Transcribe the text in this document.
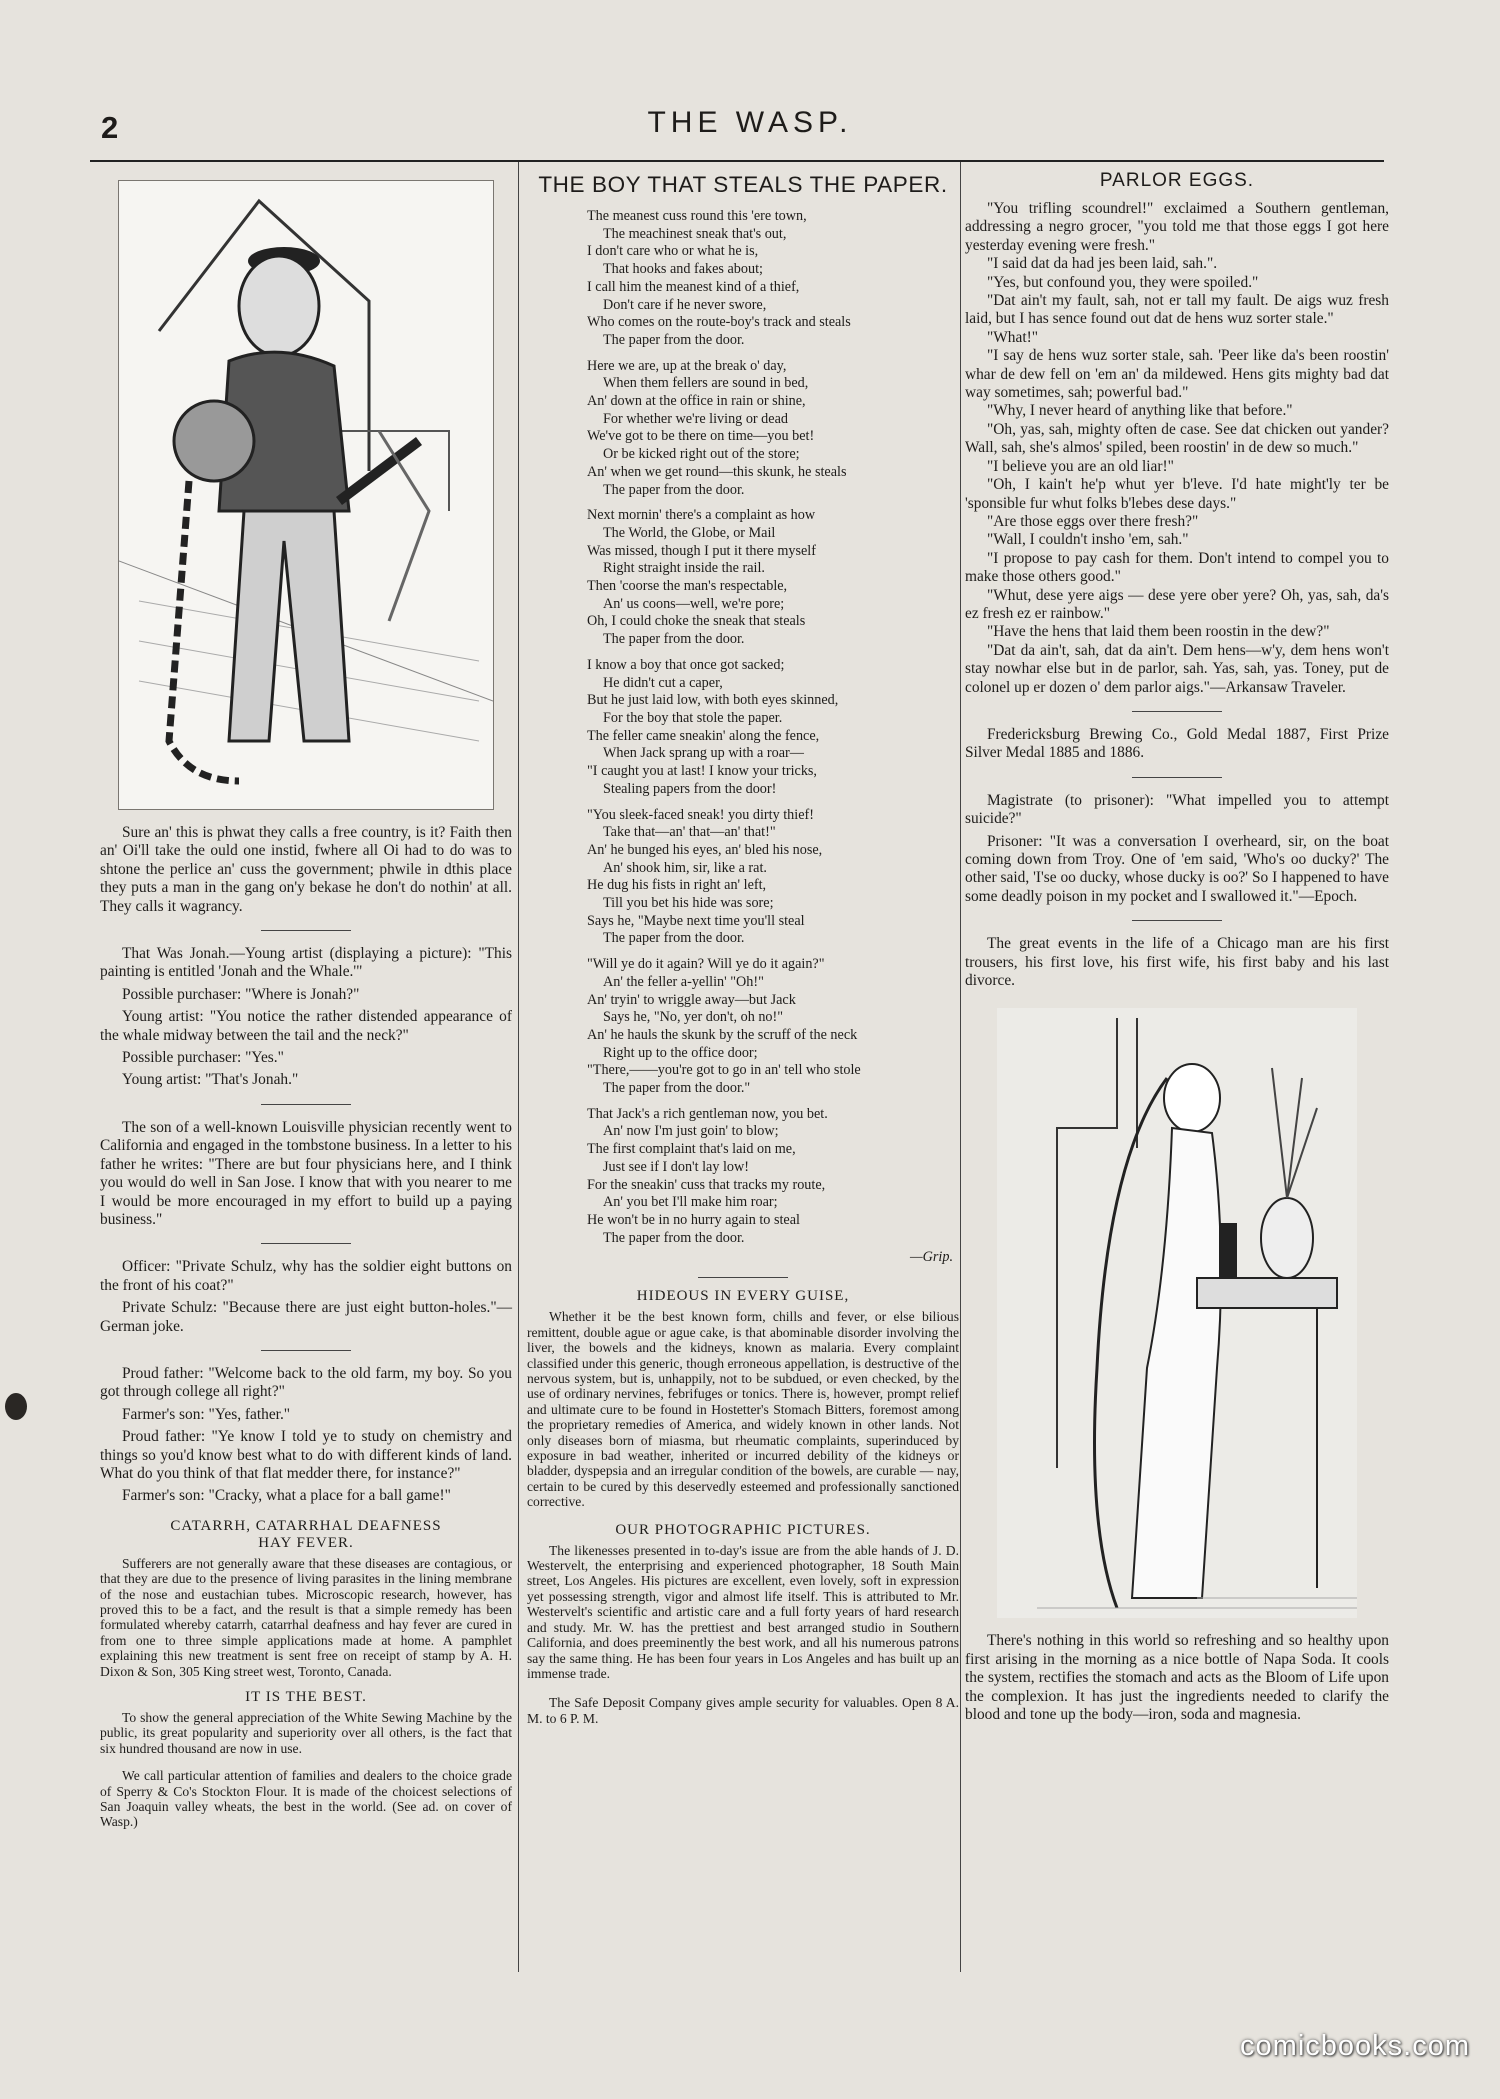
2	THE WASP.

Sure an' this is phwat they calls a free country, is it? Faith then an' Oi'll take the ould one instid, fwhere all Oi had to do was to shtone the perlice an' cuss the government; phwile in dthis place they puts a man in the gang on'y bekase he don't do nothin' at all. They calls it wagrancy.

That Was Jonah.—Young artist (displaying a picture): "This painting is entitled 'Jonah and the Whale.'"

Possible purchaser: "Where is Jonah?"

Young artist: "You notice the rather distended appearance of the whale midway between the tail and the neck?"

Possible purchaser: "Yes."

Young artist: "That's Jonah."

The son of a well-known Louisville physician recently went to California and engaged in the tombstone business. In a letter to his father he writes: "There are but four physicians here, and I think you would do well in San Jose. I know that with you nearer to me I would be more encouraged in my effort to build up a paying business."

Officer: "Private Schulz, why has the soldier eight buttons on the front of his coat?"

Private Schulz: "Because there are just eight button-holes."—German joke.

Proud father: "Welcome back to the old farm, my boy. So you got through college all right?"

Farmer's son: "Yes, father."

Proud father: "Ye know I told ye to study on chemistry and things so you'd know best what to do with different kinds of land. What do you think of that flat medder there, for instance?"

Farmer's son: "Cracky, what a place for a ball game!"

CATARRH, CATARRHAL DEAFNESS HAY FEVER.

Sufferers are not generally aware that these diseases are contagious, or that they are due to the presence of living parasites in the lining membrane of the nose and eustachian tubes. Microscopic research, however, has proved this to be a fact, and the result is that a simple remedy has been formulated whereby catarrh, catarrhal deafness and hay fever are cured in from one to three simple applications made at home. A pamphlet explaining this new treatment is sent free on receipt of stamp by A. H. Dixon & Son, 305 King street west, Toronto, Canada.

IT IS THE BEST.

To show the general appreciation of the White Sewing Machine by the public, its great popularity and superiority over all others, is the fact that six hundred thousand are now in use.

We call particular attention of families and dealers to the choice grade of Sperry & Co's Stockton Flour. It is made of the choicest selections of San Joaquin valley wheats, the best in the world. (See ad. on cover of Wasp.)

THE BOY THAT STEALS THE PAPER.
The meanest cuss round this 'ere town,
The meachinest sneak that's out,
I don't care who or what he is,
That hooks and fakes about;
I call him the meanest kind of a thief,
Don't care if he never swore,
Who comes on the route-boy's track and steals
The paper from the door.
Here we are, up at the break o' day,
When them fellers are sound in bed,
An' down at the office in rain or shine,
For whether we're living or dead
We've got to be there on time—you bet!
Or be kicked right out of the store;
An' when we get round—this skunk, he steals
The paper from the door.
Next mornin' there's a complaint as how
The World, the Globe, or Mail
Was missed, though I put it there myself
Right straight inside the rail.
Then 'coorse the man's respectable,
An' us coons—well, we're pore;
Oh, I could choke the sneak that steals
The paper from the door.
I know a boy that once got sacked;
He didn't cut a caper,
But he just laid low, with both eyes skinned,
For the boy that stole the paper.
The feller came sneakin' along the fence,
When Jack sprang up with a roar—
"I caught you at last! I know your tricks,
Stealing papers from the door!
"You sleek-faced sneak! you dirty thief!
Take that—an' that—an' that!"
An' he bunged his eyes, an' bled his nose,
An' shook him, sir, like a rat.
He dug his fists in right an' left,
Till you bet his hide was sore;
Says he, "Maybe next time you'll steal
The paper from the door.
"Will ye do it again? Will ye do it again?"
An' the feller a-yellin' "Oh!"
An' tryin' to wriggle away—but Jack
Says he, "No, yer don't, oh no!"
An' he hauls the skunk by the scruff of the neck
Right up to the office door;
"There,——you're got to go in an' tell who stole
The paper from the door."
That Jack's a rich gentleman now, you bet.
An' now I'm just goin' to blow;
The first complaint that's laid on me,
Just see if I don't lay low!
For the sneakin' cuss that tracks my route,
An' you bet I'll make him roar;
He won't be in no hurry again to steal
The paper from the door.
—Grip.
HIDEOUS IN EVERY GUISE,

Whether it be the best known form, chills and fever, or else bilious remittent, double ague or ague cake, is that abominable disorder involving the liver, the bowels and the kidneys, known as malaria. Every complaint classified under this generic, though erroneous appellation, is destructive of the nervous system, but is, unhappily, not to be subdued, or even checked, by the use of ordinary nervines, febrifuges or tonics. There is, however, prompt relief and ultimate cure to be found in Hostetter's Stomach Bitters, foremost among the proprietary remedies of America, and widely known in other lands. Not only diseases born of miasma, but rheumatic complaints, superinduced by exposure in bad weather, inherited or incurred debility of the kidneys or bladder, dyspepsia and an irregular condition of the bowels, are curable — nay, certain to be cured by this deservedly esteemed and professionally sanctioned corrective.

OUR PHOTOGRAPHIC PICTURES.

The likenesses presented in to-day's issue are from the able hands of J. D. Westervelt, the enterprising and experienced photographer, 18 South Main street, Los Angeles. His pictures are excellent, even lovely, soft in expression yet possessing strength, vigor and almost life itself. This is attributed to Mr. Westervelt's scientific and artistic care and a full forty years of hard research and study. Mr. W. has the prettiest and best arranged studio in Southern California, and does preeminently the best work, and all his numerous patrons say the same thing. He has been four years in Los Angeles and has built up an immense trade.

The Safe Deposit Company gives ample security for valuables. Open 8 A. M. to 6 P. M.

PARLOR EGGS.

"You trifling scoundrel!" exclaimed a Southern gentleman, addressing a negro grocer, "you told me that those eggs I got here yesterday evening were fresh."

"I said dat da had jes been laid, sah.".

"Yes, but confound you, they were spoiled."

"Dat ain't my fault, sah, not er tall my fault. De aigs wuz fresh laid, but I has sence found out dat de hens wuz sorter stale."

"What!"

"I say de hens wuz sorter stale, sah. 'Peer like da's been roostin' whar de dew fell on 'em an' da mildewed. Hens gits mighty bad dat way sometimes, sah; powerful bad."

"Why, I never heard of anything like that before."

"Oh, yas, sah, mighty often de case. See dat chicken out yander? Wall, sah, she's almos' spiled, been roostin' in de dew so much."

"I believe you are an old liar!"

"Oh, I kain't he'p whut yer b'leve. I'd hate might'ly ter be 'sponsible fur whut folks b'lebes dese days."

"Are those eggs over there fresh?"

"Wall, I couldn't insho 'em, sah."

"I propose to pay cash for them. Don't intend to compel you to make those others good."

"Whut, dese yere aigs — dese yere ober yere? Oh, yas, sah, da's ez fresh ez er rainbow."

"Have the hens that laid them been roostin in the dew?"

"Dat da ain't, sah, dat da ain't. Dem hens—w'y, dem hens won't stay nowhar else but in de parlor, sah. Yas, sah, yas. Toney, put de colonel up er dozen o' dem parlor aigs."—Arkansaw Traveler.

Fredericksburg Brewing Co., Gold Medal 1887, First Prize Silver Medal 1885 and 1886.

Magistrate (to prisoner): "What impelled you to attempt suicide?"

Prisoner: "It was a conversation I overheard, sir, on the boat coming down from Troy. One of 'em said, 'Who's oo ducky?' The other said, 'I'se oo ducky, whose ducky is oo?' So I happened to have some deadly poison in my pocket and I swallowed it."—Epoch.

The great events in the life of a Chicago man are his first trousers, his first love, his first wife, his first baby and his last divorce.

There's nothing in this world so refreshing and so healthy upon first arising in the morning as a nice bottle of Napa Soda. It cools the system, rectifies the stomach and acts as the Bloom of Life upon the complexion. It has just the ingredients needed to clarify the blood and tone up the body—iron, soda and magnesia.

comicbooks.com
